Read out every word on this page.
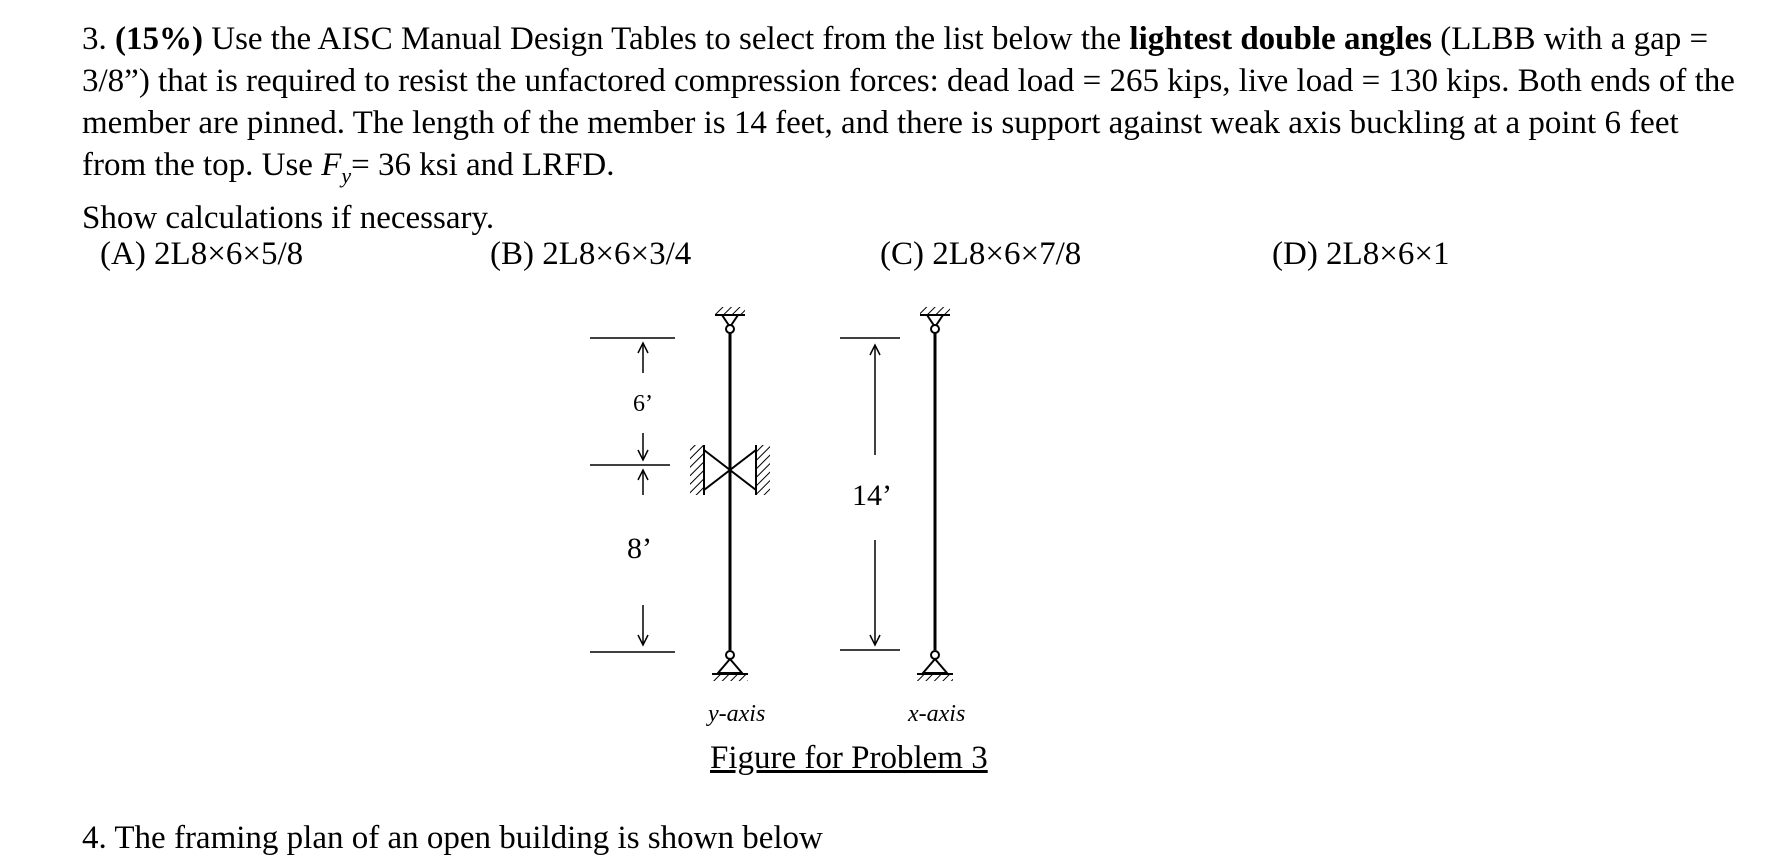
3. (15%) Use the AISC Manual Design Tables to select from the list below the lightest double angles (LLBB with a gap = 3/8”) that is required to resist the unfactored compression forces: dead load = 265 kips, live load = 130 kips. Both ends of the member are pinned. The length of the member is 14 feet, and there is support against weak axis buckling at a point 6 feet from the top. Use $F_y= 36$ ksi and LRFD.

Show calculations if necessary.

(A) 2L8×6×5/8	(B) 2L8×6×3/4	(C) 2L8×6×7/8	(D) 2L8×6×1
6’
8’
14’
y-axis	x-axis
Figure for Problem 3
4. The framing plan of an open building is shown below
